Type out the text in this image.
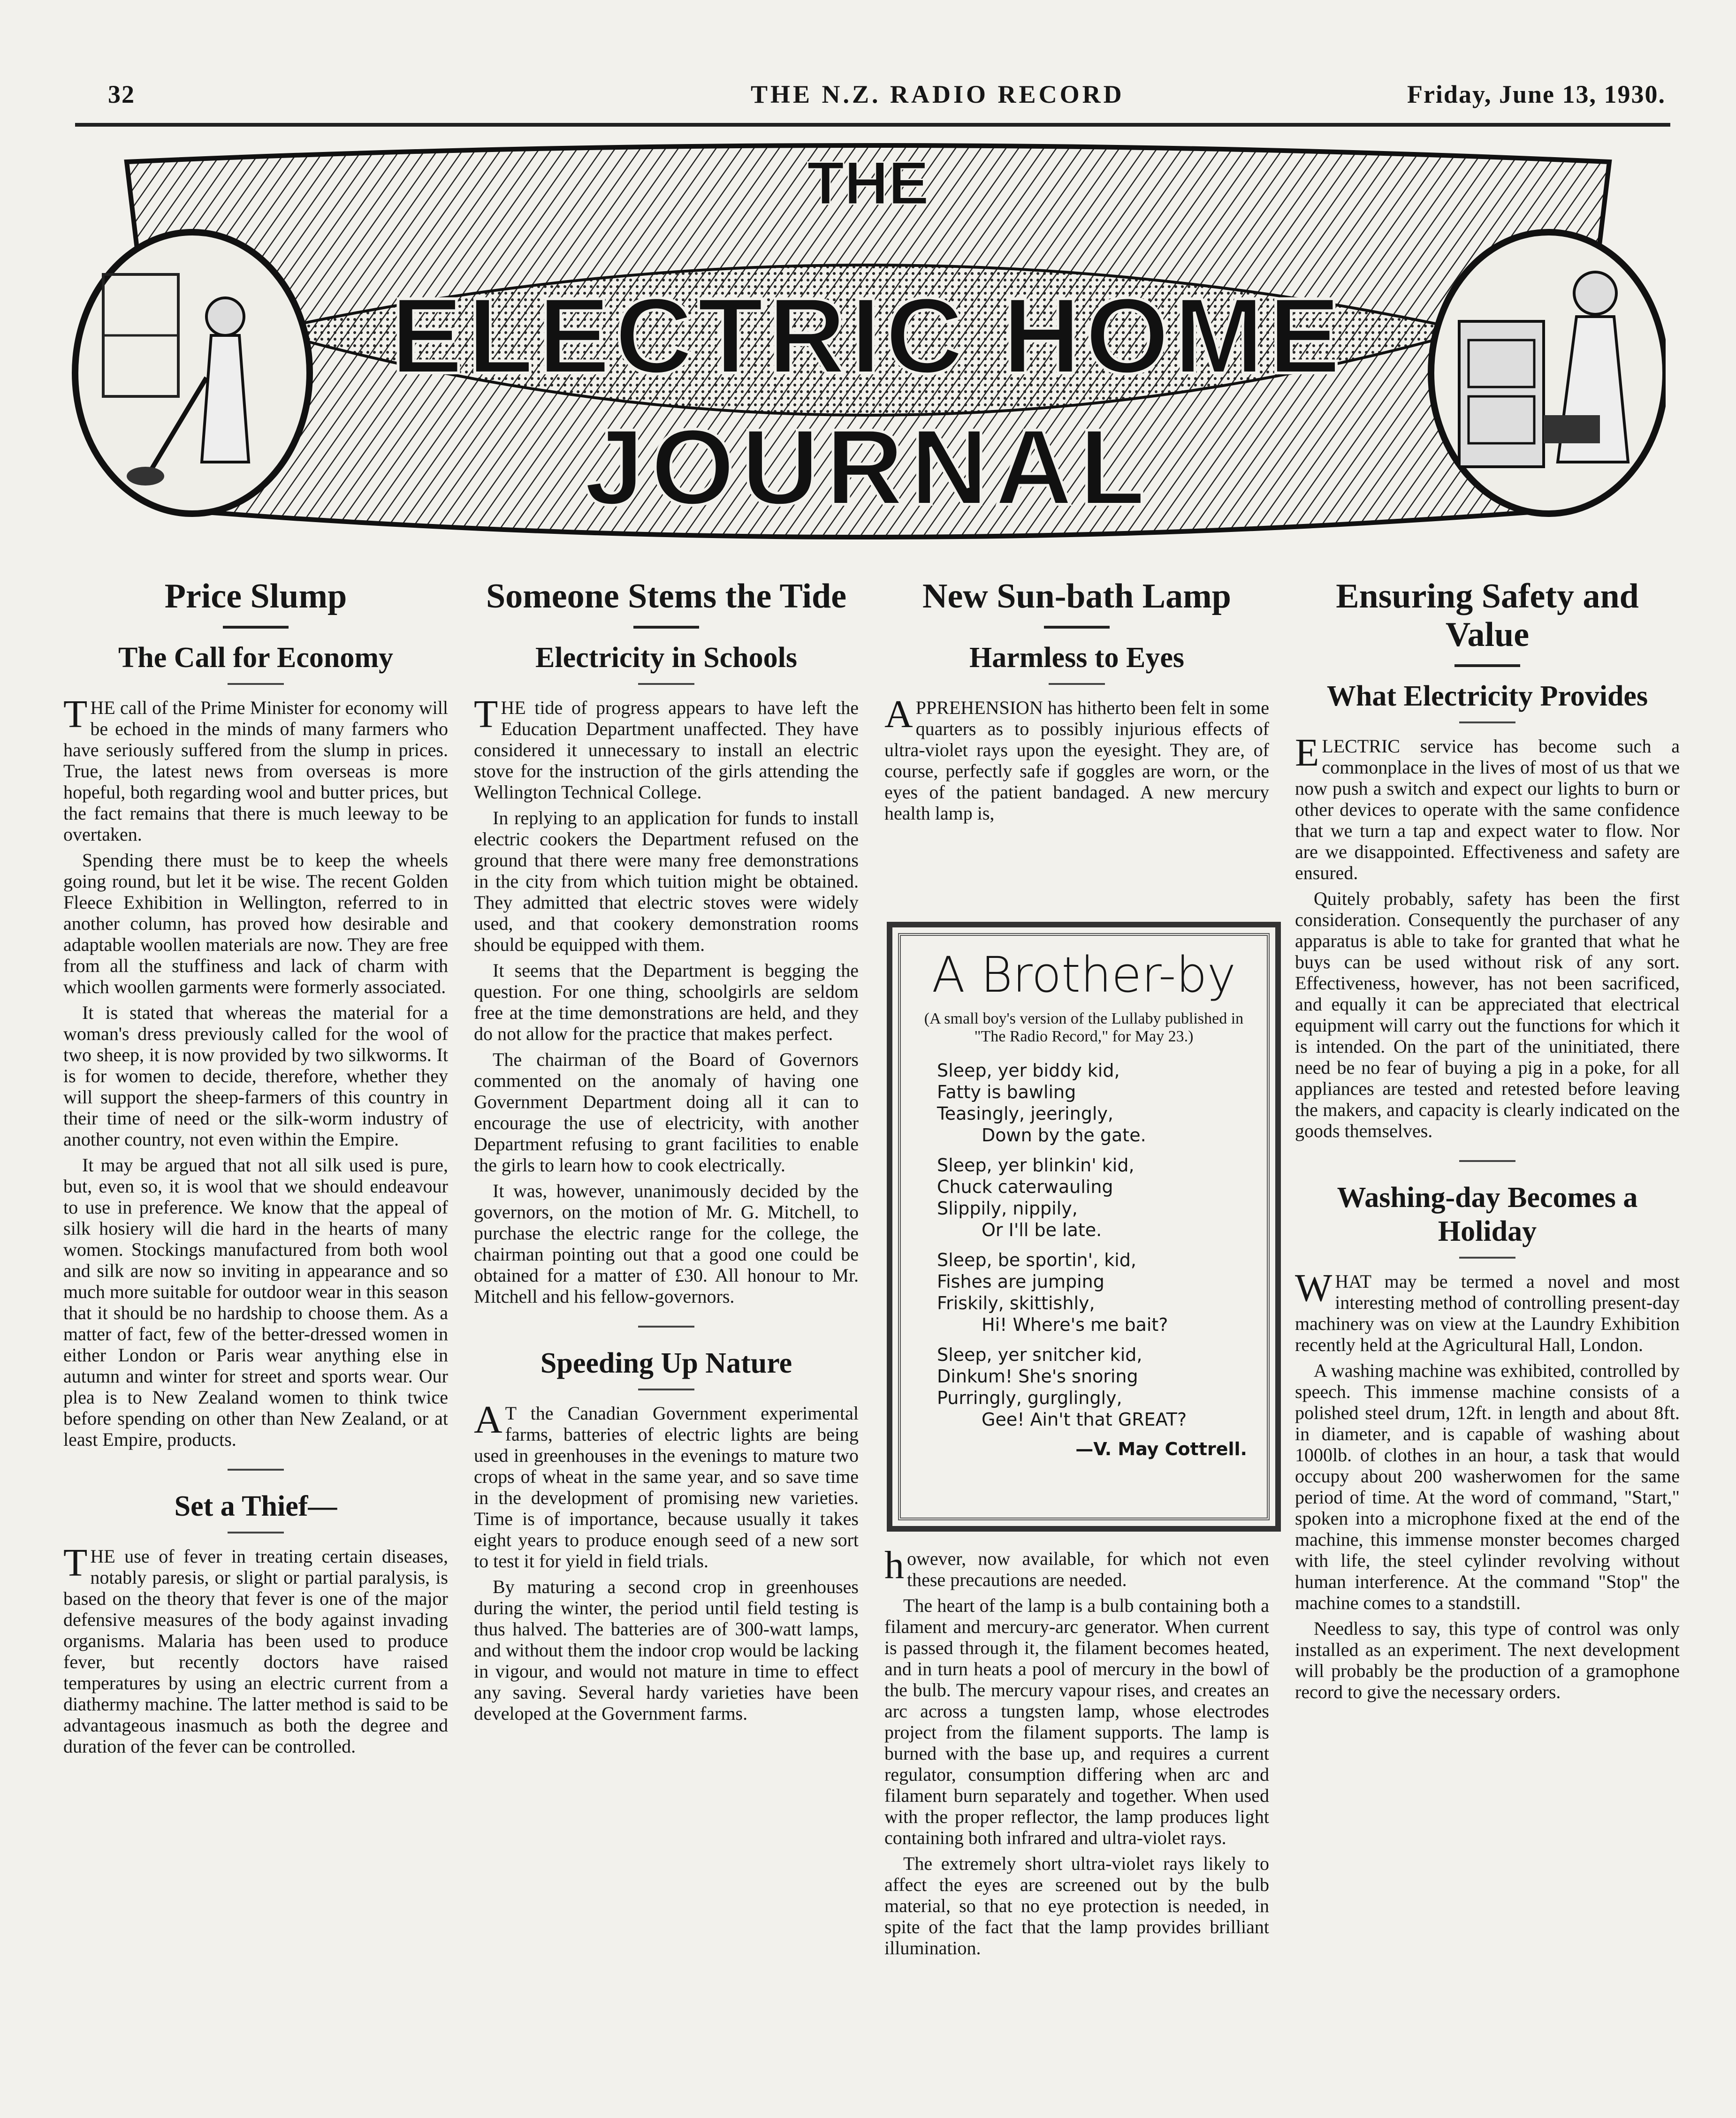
32	THE N.Z. RADIO RECORD	Friday, June 13, 1930.
THE
ELECTRIC HOME
JOURNAL
Price Slump
The Call for Economy

THE call of the Prime Minister for economy will be echoed in the minds of many farmers who have seriously suffered from the slump in prices. True, the latest news from overseas is more hopeful, both regarding wool and butter prices, but the fact remains that there is much leeway to be overtaken.

Spending there must be to keep the wheels going round, but let it be wise. The recent Golden Fleece Exhibition in Wellington, referred to in another column, has proved how desirable and adaptable woollen materials are now. They are free from all the stuffiness and lack of charm with which woollen garments were formerly associated.

It is stated that whereas the material for a woman's dress previously called for the wool of two sheep, it is now provided by two silkworms. It is for women to decide, therefore, whether they will support the sheep-farmers of this country in their time of need or the silk-worm industry of another country, not even within the Empire.

It may be argued that not all silk used is pure, but, even so, it is wool that we should endeavour to use in preference. We know that the appeal of silk hosiery will die hard in the hearts of many women. Stockings manufactured from both wool and silk are now so inviting in appearance and so much more suitable for outdoor wear in this season that it should be no hardship to choose them. As a matter of fact, few of the better-dressed women in either London or Paris wear anything else in autumn and winter for street and sports wear. Our plea is to New Zealand women to think twice before spending on other than New Zealand, or at least Empire, products.

Set a Thief—

THE use of fever in treating certain diseases, notably paresis, or slight or partial paralysis, is based on the theory that fever is one of the major defensive measures of the body against invading organisms. Malaria has been used to produce fever, but recently doctors have raised temperatures by using an electric current from a diathermy machine. The latter method is said to be advantageous inasmuch as both the degree and duration of the fever can be controlled.

Someone Stems the Tide
Electricity in Schools

THE tide of progress appears to have left the Education Department unaffected. They have considered it unnecessary to install an electric stove for the instruction of the girls attending the Wellington Technical College.

In replying to an application for funds to install electric cookers the Department refused on the ground that there were many free demonstrations in the city from which tuition might be obtained. They admitted that electric stoves were widely used, and that cookery demonstration rooms should be equipped with them.

It seems that the Department is begging the question. For one thing, schoolgirls are seldom free at the time demonstrations are held, and they do not allow for the practice that makes perfect.

The chairman of the Board of Governors commented on the anomaly of having one Government Department doing all it can to encourage the use of electricity, with another Department refusing to grant facilities to enable the girls to learn how to cook electrically.

It was, however, unanimously decided by the governors, on the motion of Mr. G. Mitchell, to purchase the electric range for the college, the chairman pointing out that a good one could be obtained for a matter of £30. All honour to Mr. Mitchell and his fellow-governors.

Speeding Up Nature

AT the Canadian Government experimental farms, batteries of electric lights are being used in greenhouses in the evenings to mature two crops of wheat in the same year, and so save time in the development of promising new varieties. Time is of importance, because usually it takes eight years to produce enough seed of a new sort to test it for yield in field trials.

By maturing a second crop in greenhouses during the winter, the period until field testing is thus halved. The batteries are of 300-watt lamps, and without them the indoor crop would be lacking in vigour, and would not mature in time to effect any saving. Several hardy varieties have been developed at the Government farms.

New Sun-bath Lamp
Harmless to Eyes

APPREHENSION has hitherto been felt in some quarters as to possibly injurious effects of ultra-violet rays upon the eyesight. They are, of course, perfectly safe if goggles are worn, or the eyes of the patient bandaged. A new mercury health lamp is,

A Brother-by
(A small boy's version of the Lullaby published in "The Radio Record," for May 23.)
Sleep, yer biddy kid,
Fatty is bawling
Teasingly, jeeringly,
Down by the gate.
Sleep, yer blinkin' kid,
Chuck caterwauling
Slippily, nippily,
Or I'll be late.
Sleep, be sportin', kid,
Fishes are jumping
Friskily, skittishly,
Hi! Where's me bait?
Sleep, yer snitcher kid,
Dinkum! She's snoring
Purringly, gurglingly,
Gee! Ain't that GREAT?
—V. May Cottrell.

however, now available, for which not even these precautions are needed.

The heart of the lamp is a bulb containing both a filament and mercury-arc generator. When current is passed through it, the filament becomes heated, and in turn heats a pool of mercury in the bowl of the bulb. The mercury vapour rises, and creates an arc across a tungsten lamp, whose electrodes project from the filament supports. The lamp is burned with the base up, and requires a current regulator, consumption differing when arc and filament burn separately and together. When used with the proper reflector, the lamp produces light containing both infrared and ultra-violet rays.

The extremely short ultra-violet rays likely to affect the eyes are screened out by the bulb material, so that no eye protection is needed, in spite of the fact that the lamp provides brilliant illumination.

Ensuring Safety and Value
What Electricity Provides

ELECTRIC service has become such a commonplace in the lives of most of us that we now push a switch and expect our lights to burn or other devices to operate with the same confidence that we turn a tap and expect water to flow. Nor are we disappointed. Effectiveness and safety are ensured.

Quitely probably, safety has been the first consideration. Consequently the purchaser of any apparatus is able to take for granted that what he buys can be used without risk of any sort. Effectiveness, however, has not been sacrificed, and equally it can be appreciated that electrical equipment will carry out the functions for which it is intended. On the part of the uninitiated, there need be no fear of buying a pig in a poke, for all appliances are tested and retested before leaving the makers, and capacity is clearly indicated on the goods themselves.

Washing-day Becomes a Holiday

WHAT may be termed a novel and most interesting method of controlling present-day machinery was on view at the Laundry Exhibition recently held at the Agricultural Hall, London.

A washing machine was exhibited, controlled by speech. This immense machine consists of a polished steel drum, 12ft. in length and about 8ft. in diameter, and is capable of washing about 1000lb. of clothes in an hour, a task that would occupy about 200 washerwomen for the same period of time. At the word of command, "Start," spoken into a microphone fixed at the end of the machine, this immense monster becomes charged with life, the steel cylinder revolving without human interference. At the command "Stop" the machine comes to a standstill.

Needless to say, this type of control was only installed as an experiment. The next development will probably be the production of a gramophone record to give the necessary orders.
